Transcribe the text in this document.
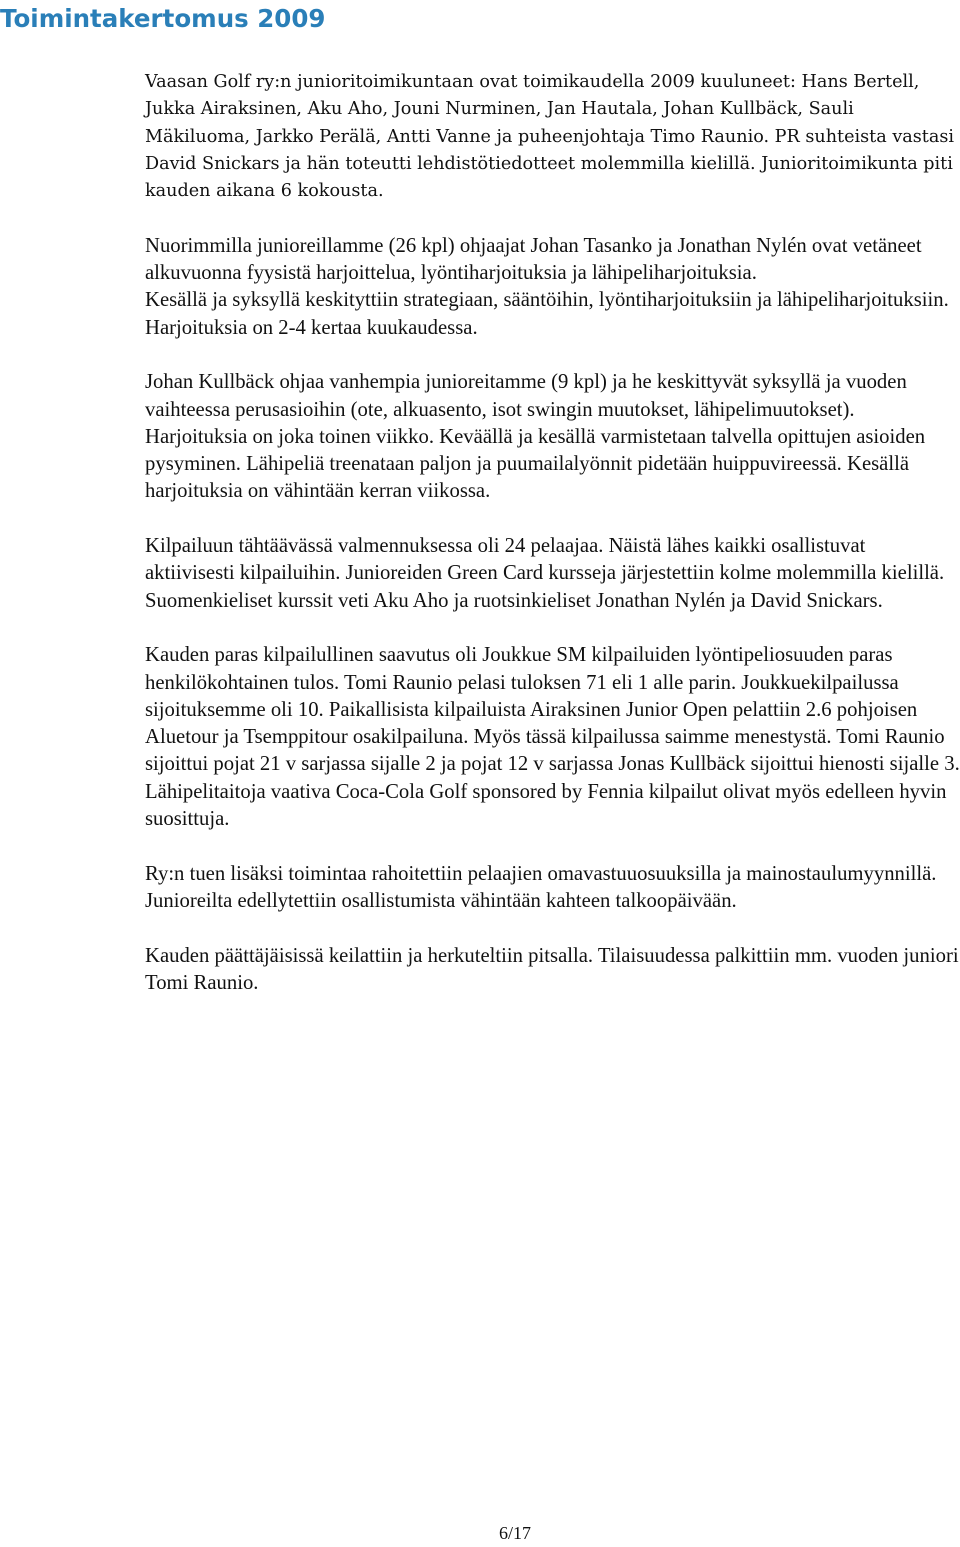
Toimintakertomus 2009

Vaasan Golf ry:n junioritoimikuntaan ovat toimikaudella 2009 kuuluneet: Hans Bertell, Jukka Airaksinen, Aku Aho, Jouni Nurminen, Jan Hautala, Johan Kullbäck, Sauli Mäkiluoma, Jarkko Perälä, Antti Vanne ja puheenjohtaja Timo Raunio. PR suhteista vastasi David Snickars ja hän toteutti lehdistötiedotteet molemmilla kielillä. Junioritoimikunta piti kauden aikana 6 kokousta.

Nuorimmilla junioreillamme (26 kpl) ohjaajat Johan Tasanko ja Jonathan Nylén ovat vetäneet alkuvuonna fyysistä harjoittelua, lyöntiharjoituksia ja lähipeliharjoituksia.

Kesällä ja syksyllä keskityttiin strategiaan, sääntöihin, lyöntiharjoituksiin ja lähipeliharjoituksiin. Harjoituksia on 2-4 kertaa kuukaudessa.

Johan Kullbäck ohjaa vanhempia junioreitamme (9 kpl) ja he keskittyvät syksyllä ja vuoden vaihteessa perusasioihin (ote, alkuasento, isot swingin muutokset, lähipelimuutokset). Harjoituksia on joka toinen viikko. Keväällä ja kesällä varmistetaan talvella opittujen asioiden pysyminen. Lähipeliä treenataan paljon ja puumailalyönnit pidetään huippuvireessä. Kesällä harjoituksia on vähintään kerran viikossa.

Kilpailuun tähtäävässä valmennuksessa oli 24 pelaajaa. Näistä lähes kaikki osallistuvat aktiivisesti kilpailuihin. Junioreiden Green Card kursseja järjestettiin kolme molemmilla kielillä. Suomenkieliset kurssit veti Aku Aho ja ruotsinkieliset Jonathan Nylén ja David Snickars.

Kauden paras kilpailullinen saavutus oli Joukkue SM kilpailuiden lyöntipeliosuuden paras henkilökohtainen tulos. Tomi Raunio pelasi tuloksen 71 eli 1 alle parin. Joukkuekilpailussa sijoituksemme oli 10. Paikallisista kilpailuista Airaksinen Junior Open pelattiin 2.6 pohjoisen Aluetour ja Tsemppitour osakilpailuna. Myös tässä kilpailussa saimme menestystä. Tomi Raunio sijoittui pojat 21 v sarjassa sijalle 2 ja pojat 12 v sarjassa Jonas Kullbäck sijoittui hienosti sijalle 3. Lähipelitaitoja vaativa Coca-Cola Golf sponsored by Fennia kilpailut olivat myös edelleen hyvin suosittuja.

Ry:n tuen lisäksi toimintaa rahoitettiin pelaajien omavastuuosuuksilla ja mainostaulumyynnillä. Junioreilta edellytettiin osallistumista vähintään kahteen talkoopäivään.

Kauden päättäjäisissä keilattiin ja herkuteltiin pitsalla. Tilaisuudessa palkittiin mm. vuoden juniori Tomi Raunio.

6/17
